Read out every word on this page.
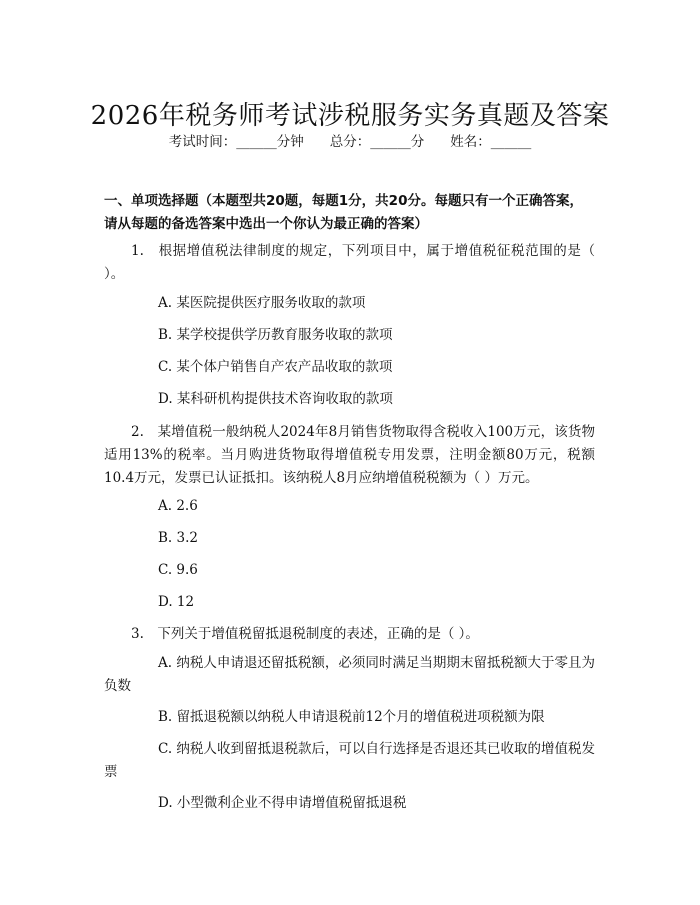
2026年税务师考试涉税服务实务真题及答案
考试时间：______分钟 总分：______分 姓名：______
一、单项选择题（本题型共20题，每题1分，共20分。每题只有一个正确答案，请从每题的备选答案中选出一个你认为最正确的答案）
1.　根据增值税法律制度的规定，下列项目中，属于增值税征税范围的是（ ）。
A. 某医院提供医疗服务收取的款项
B. 某学校提供学历教育服务收取的款项
C. 某个体户销售自产农产品收取的款项
D. 某科研机构提供技术咨询收取的款项
2.　某增值税一般纳税人2024年8月销售货物取得含税收入100万元，该货物适用13%的税率。当月购进货物取得增值税专用发票，注明金额80万元，税额10.4万元，发票已认证抵扣。该纳税人8月应纳增值税税额为（ ）万元。
A. 2.6
B. 3.2
C. 9.6
D. 12
3.　下列关于增值税留抵退税制度的表述，正确的是（ ）。
A. 纳税人申请退还留抵税额，必须同时满足当期期末留抵税额大于零且为负数
B. 留抵退税额以纳税人申请退税前12个月的增值税进项税额为限
C. 纳税人收到留抵退税款后，可以自行选择是否退还其已收取的增值税发票
D. 小型微利企业不得申请增值税留抵退税
